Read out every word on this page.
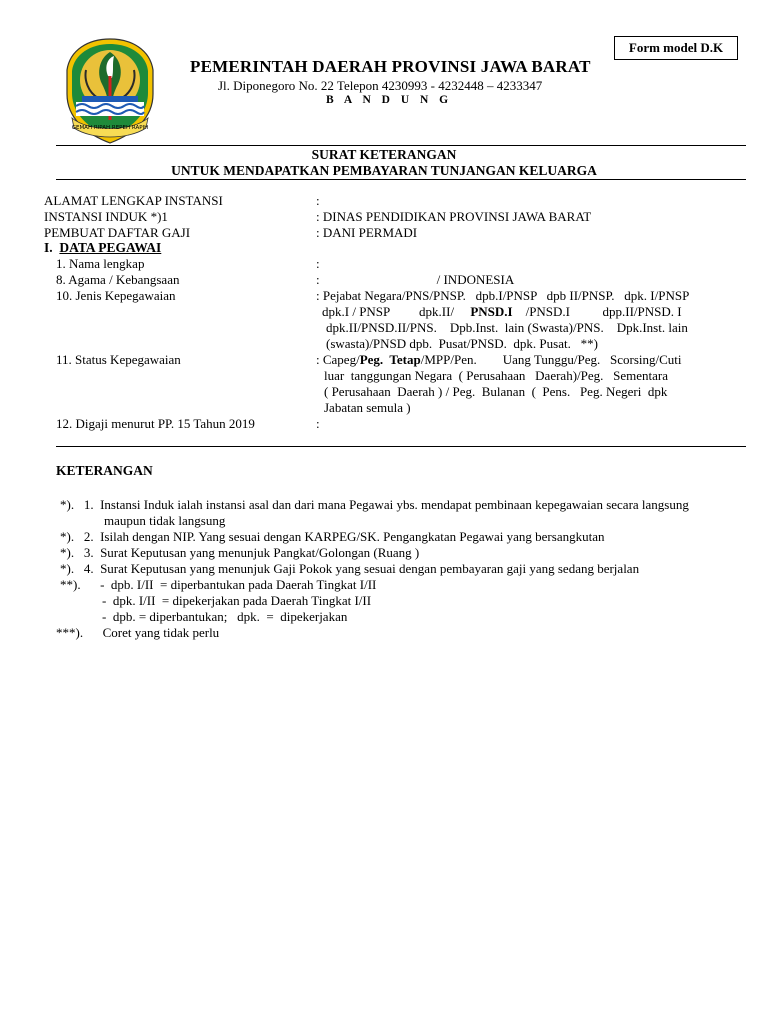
Form model D.K
GEMAH RIPAH REPEH RAPIH
PEMERINTAH DAERAH PROVINSI JAWA BARAT
Jl. Diponegoro No. 22 Telepon 4230993 - 4232448 – 4233347
B A N D U N G
SURAT KETERANGAN
UNTUK MENDAPATKAN PEMBAYARAN TUNJANGAN KELUARGA
ALAMAT LENGKAP INSTANSI	:
INSTANSI INDUK *)1	: DINAS PENDIDIKAN PROVINSI JAWA BARAT
PEMBUAT DAFTAR GAJI	: DANI PERMADI
I. DATA PEGAWAI
1. Nama lengkap	:
8. Agama / Kebangsaan	:                                    / INDONESIA
10. Jenis Kepegawaian	: Pejabat Negara/PNS/PNSP.   dpb.I/PNSP   dpb II/PNSP.   dpk. I/PNSP
dpk.I / PNSP         dpk.II/     PNSD.I    /PNSD.I          dpp.II/PNSD. I
dpk.II/PNSD.II/PNS.    Dpb.Inst.  lain (Swasta)/PNS.    Dpk.Inst. lain
(swasta)/PNSD dpb.  Pusat/PNSD.  dpk. Pusat.   **)
11. Status Kepegawaian	: Capeg/Peg.  Tetap/MPP/Pen.        Uang Tunggu/Peg.   Scorsing/Cuti
luar  tanggungan Negara  ( Perusahaan   Daerah)/Peg.   Sementara
( Perusahaan  Daerah ) / Peg.  Bulanan  (  Pens.   Peg. Negeri  dpk
Jabatan semula )
12. Digaji menurut PP. 15 Tahun 2019	:
KETERANGAN
*).   1.  Instansi Induk ialah instansi asal dan dari mana Pegawai ybs. mendapat pembinaan kepegawaian secara langsung
maupun tidak langsung
*).   2.  Isilah dengan NIP. Yang sesuai dengan KARPEG/SK. Pengangkatan Pegawai yang bersangkutan
*).   3.  Surat Keputusan yang menunjuk Pangkat/Golongan (Ruang )
*).   4.  Surat Keputusan yang menunjuk Gaji Pokok yang sesuai dengan pembayaran gaji yang sedang berjalan
**).      -  dpb. I/II  = diperbantukan pada Daerah Tingkat I/II
-  dpk. I/II  = dipekerjakan pada Daerah Tingkat I/II
-  dpb. = diperbantukan;   dpk.  =  dipekerjakan
***).      Coret yang tidak perlu
